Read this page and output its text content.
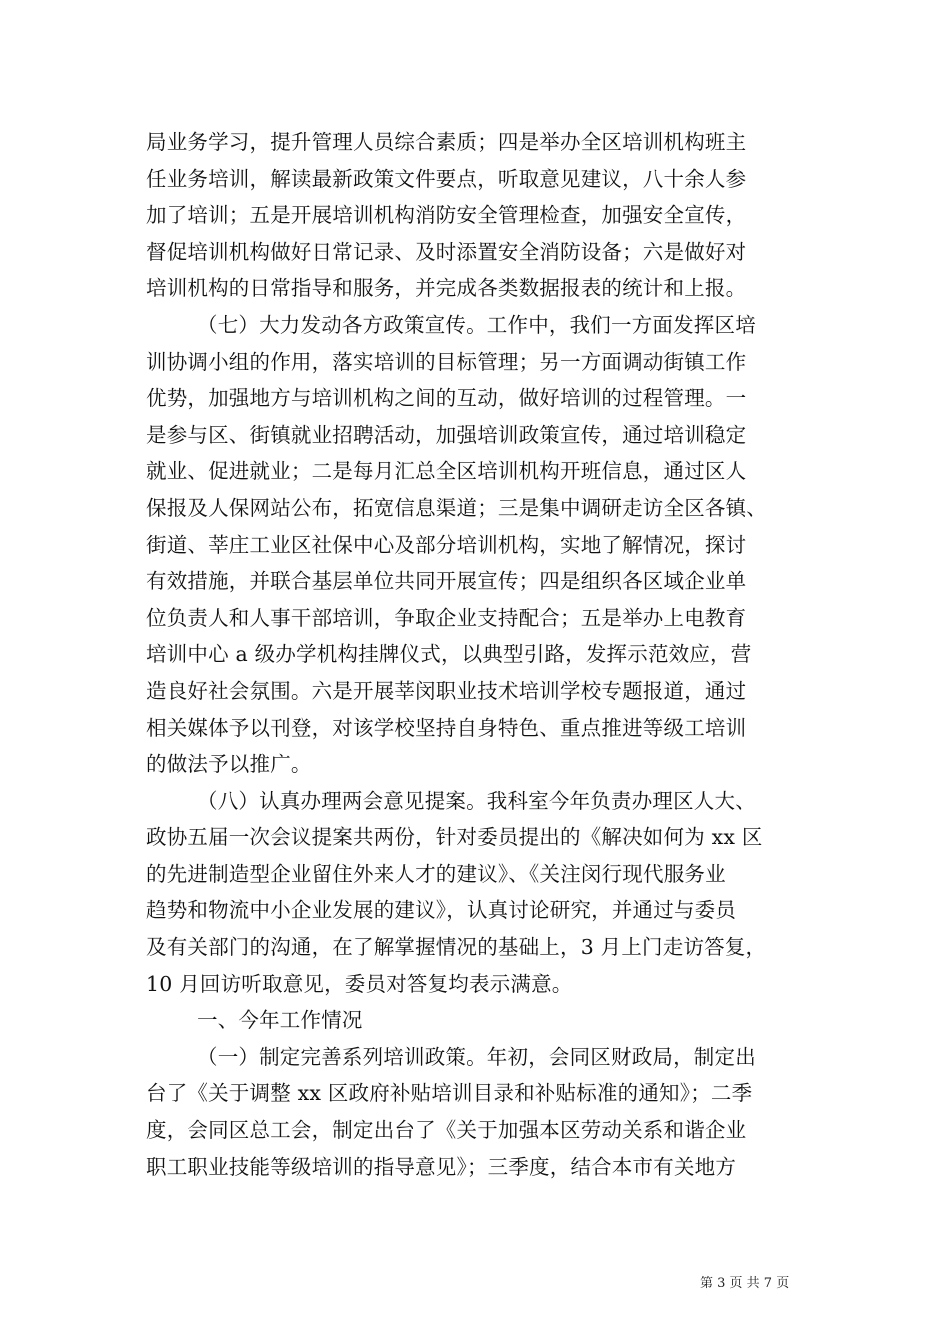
局业务学习，提升管理人员综合素质；四是举办全区培训机构班主
任业务培训，解读最新政策文件要点，听取意见建议，八十余人参
加了培训；五是开展培训机构消防安全管理检查，加强安全宣传，
督促培训机构做好日常记录、及时添置安全消防设备；六是做好对
培训机构的日常指导和服务，并完成各类数据报表的统计和上报。
（七）大力发动各方政策宣传。工作中，我们一方面发挥区培
训协调小组的作用，落实培训的目标管理；另一方面调动街镇工作
优势，加强地方与培训机构之间的互动，做好培训的过程管理。一
是参与区、街镇就业招聘活动，加强培训政策宣传，通过培训稳定
就业、促进就业；二是每月汇总全区培训机构开班信息，通过区人
保报及人保网站公布，拓宽信息渠道；三是集中调研走访全区各镇、
街道、莘庄工业区社保中心及部分培训机构，实地了解情况，探讨
有效措施，并联合基层单位共同开展宣传；四是组织各区域企业单
位负责人和人事干部培训，争取企业支持配合；五是举办上电教育
培训中心 a 级办学机构挂牌仪式，以典型引路，发挥示范效应，营
造良好社会氛围。六是开展莘闵职业技术培训学校专题报道，通过
相关媒体予以刊登，对该学校坚持自身特色、重点推进等级工培训
的做法予以推广。
（八）认真办理两会意见提案。我科室今年负责办理区人大、
政协五届一次会议提案共两份，针对委员提出的《解决如何为 xx 区
的先进制造型企业留住外来人才的建议》、《关注闵行现代服务业
趋势和物流中小企业发展的建议》，认真讨论研究，并通过与委员
及有关部门的沟通，在了解掌握情况的基础上，3 月上门走访答复，
10 月回访听取意见，委员对答复均表示满意。
一、今年工作情况
（一）制定完善系列培训政策。年初，会同区财政局，制定出
台了《关于调整 xx 区政府补贴培训目录和补贴标准的通知》；二季
度，会同区总工会，制定出台了《关于加强本区劳动关系和谐企业
职工职业技能等级培训的指导意见》；三季度，结合本市有关地方
第 3 页 共 7 页
